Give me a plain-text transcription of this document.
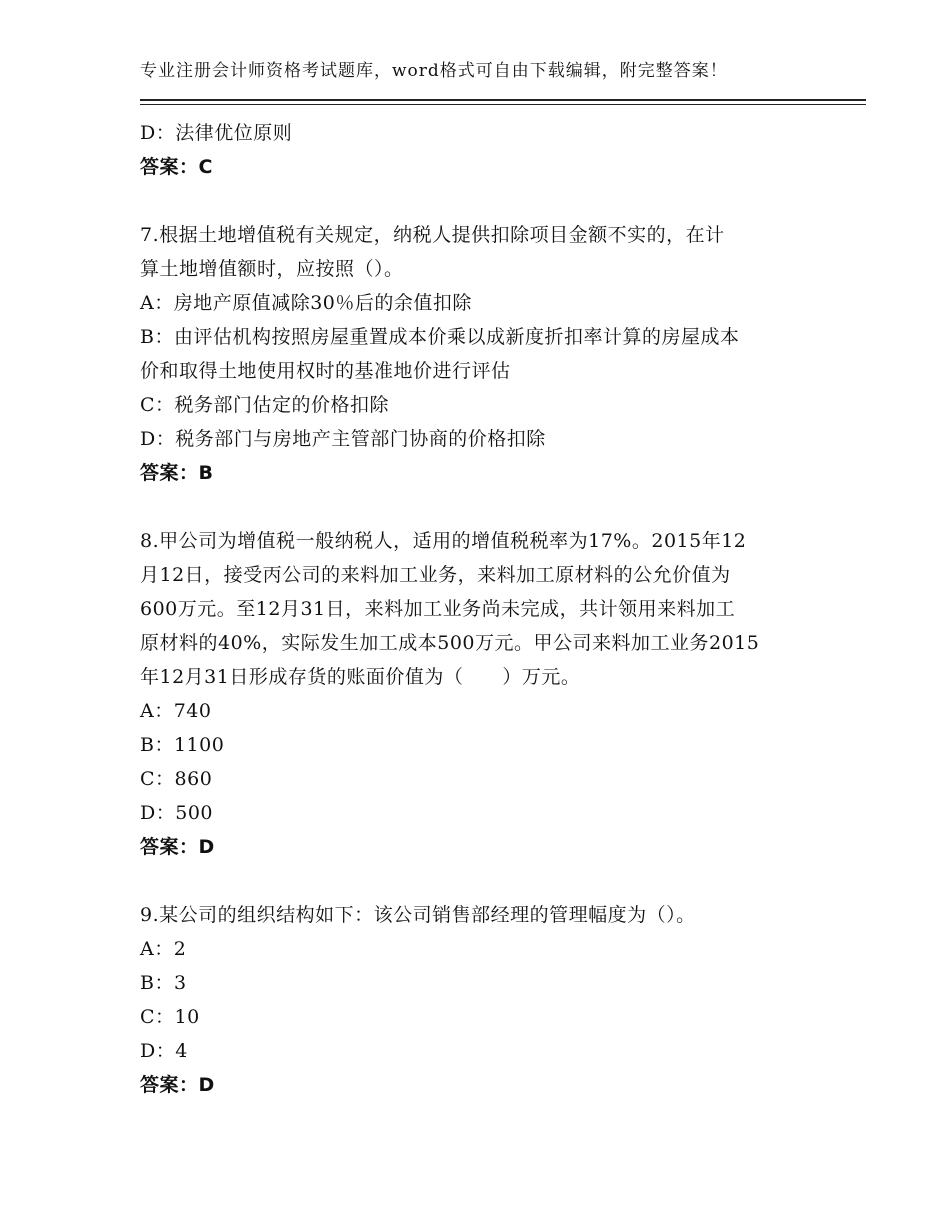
专业注册会计师资格考试题库，word格式可自由下载编辑，附完整答案！
D：法律优位原则
答案：C
7.根据土地增值税有关规定，纳税人提供扣除项目金额不实的，在计
算土地增值额时，应按照（）。
A：房地产原值减除30％后的余值扣除
B：由评估机构按照房屋重置成本价乘以成新度折扣率计算的房屋成本
价和取得土地使用权时的基准地价进行评估
C：税务部门估定的价格扣除
D：税务部门与房地产主管部门协商的价格扣除
答案：B
8.甲公司为增值税一般纳税人，适用的增值税税率为17%。2015年12
月12日，接受丙公司的来料加工业务，来料加工原材料的公允价值为
600万元。至12月31日，来料加工业务尚未完成，共计领用来料加工
原材料的40%，实际发生加工成本500万元。甲公司来料加工业务2015
年12月31日形成存货的账面价值为（　　）万元。
A：740
B：1100
C：860
D：500
答案：D
9.某公司的组织结构如下：该公司销售部经理的管理幅度为（）。
A：2
B：3
C：10
D：4
答案：D
